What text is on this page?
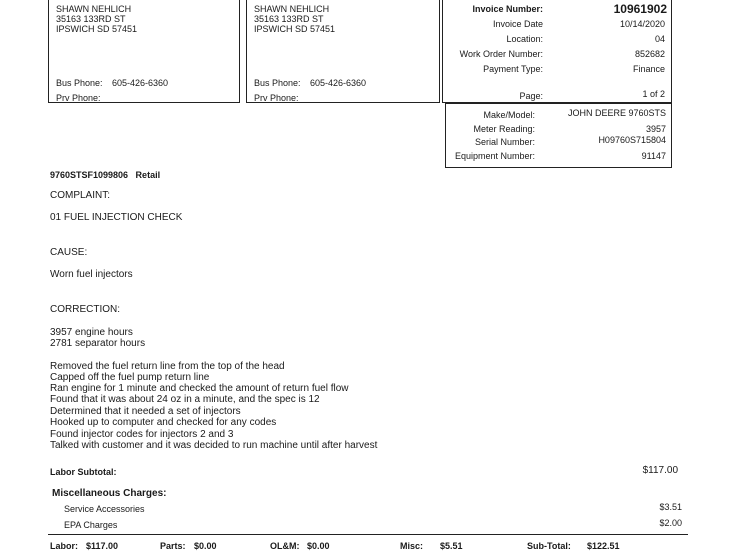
SHAWN NEHLICH
35163 133RD ST
IPSWICH SD 57451
Bus Phone: 605-426-6360
Prv Phone:
SHAWN NEHLICH
35163 133RD ST
IPSWICH SD 57451
Bus Phone: 605-426-6360
Prv Phone:
Invoice Number:	10961902
Invoice Date	10/14/2020
Location:	04
Work Order Number:	852682
Payment Type:	Finance
Page:	1 of 2
Make/Model:	JOHN DEERE 9760STS
Meter Reading:	3957
Serial Number:	H09760S715804
Equipment Number:	91147
9760STSF1099806   Retail
COMPLAINT:
01 FUEL INJECTION CHECK
CAUSE:
Worn fuel injectors
CORRECTION:
3957 engine hours
2781 separator hours
Removed the fuel return line from the top of the head
Capped off the fuel pump return line
Ran engine for 1 minute and checked the amount of return fuel flow
Found that it was about 24 oz in a minute, and the spec is 12
Determined that it needed a set of injectors
Hooked up to computer and checked for any codes
Found injector codes for injectors 2 and 3
Talked with customer and it was decided to run machine until after harvest
Labor Subtotal:	$117.00
Miscellaneous Charges:
Service Accessories	$3.51
EPA Charges	$2.00
Labor: $117.00	Parts: $0.00	OL&M: $0.00	Misc: $5.51	Sub-Total: $122.51
